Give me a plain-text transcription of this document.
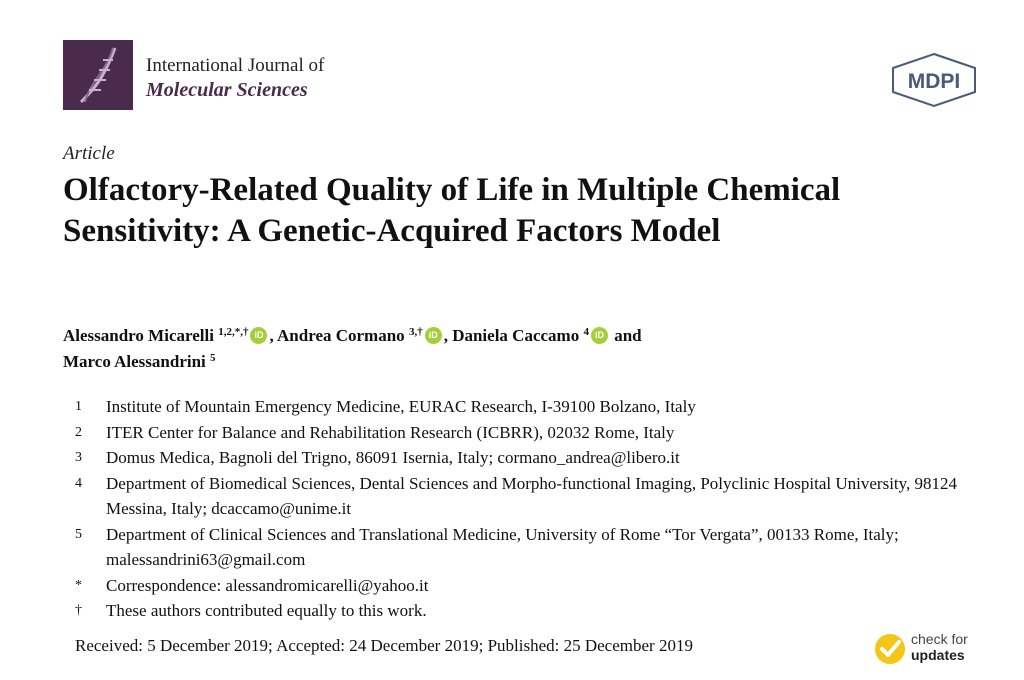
International Journal of
Molecular Sciences	MDPI
Article
Olfactory-Related Quality of Life in Multiple Chemical Sensitivity: A Genetic-Acquired Factors Model
Alessandro Micarelli $^{1,2,*,\dagger}$ iD , Andrea Cormano $^{3,\dagger}$ iD , Daniela Caccamo $^4$ iD and
Marco Alessandrini $^5$
1	Institute of Mountain Emergency Medicine, EURAC Research, I-39100 Bolzano, Italy
2	ITER Center for Balance and Rehabilitation Research (ICBRR), 02032 Rome, Italy
3	Domus Medica, Bagnoli del Trigno, 86091 Isernia, Italy; cormano_andrea@libero.it
4	Department of Biomedical Sciences, Dental Sciences and Morpho-functional Imaging, Polyclinic Hospital University, 98124 Messina, Italy; dcaccamo@unime.it
5	Department of Clinical Sciences and Translational Medicine, University of Rome “Tor Vergata”, 00133 Rome, Italy; malessandrini63@gmail.com
*	Correspondence: alessandromicarelli@yahoo.it
†	These authors contributed equally to this work.
Received: 5 December 2019; Accepted: 24 December 2019; Published: 25 December 2019	check for
updates
